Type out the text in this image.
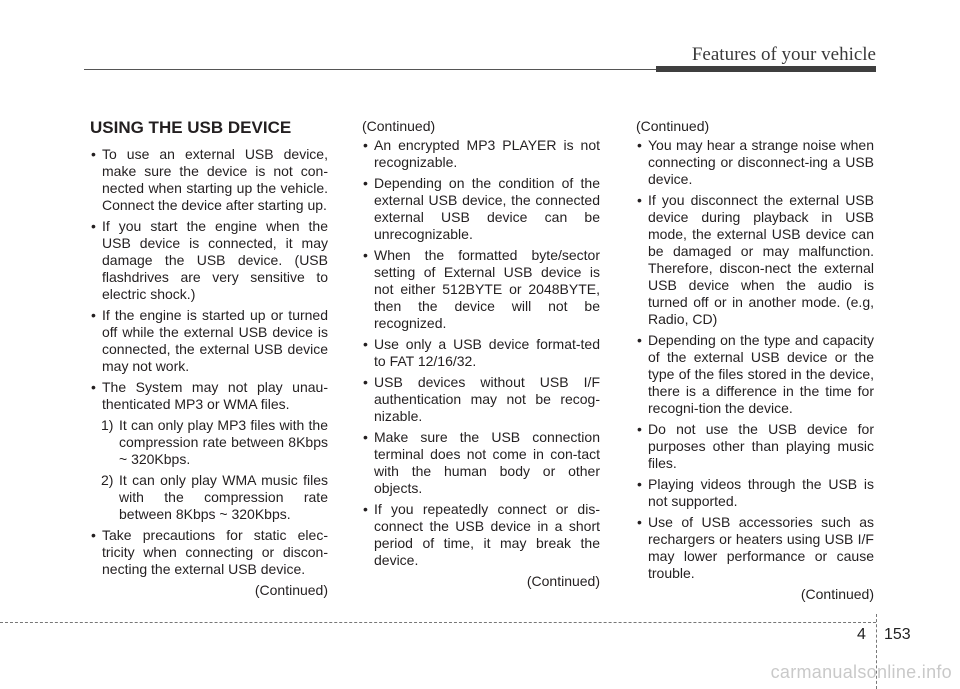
Features of your vehicle
USING THE USB DEVICE
• To use an external USB device, make sure the device is not con-nected when starting up the vehicle. Connect the device after starting up.
• If you start the engine when the USB device is connected, it may damage the USB device. (USB flashdrives are very sensitive to electric shock.)
• If the engine is started up or turned off while the external USB device is connected, the external USB device may not work.
• The System may not play unau-thenticated MP3 or WMA files.
1) It can only play MP3 files with the compression rate between 8Kbps ~ 320Kbps.
2) It can only play WMA music files with the compression rate between 8Kbps ~ 320Kbps.
• Take precautions for static elec-tricity when connecting or discon-necting the external USB device.
(Continued)
(Continued)
• An encrypted MP3 PLAYER is not recognizable.
• Depending on the condition of the external USB device, the connected external USB device can be unrecognizable.
• When the formatted byte/sector setting of External USB device is not either 512BYTE or 2048BYTE, then the device will not be recognized.
• Use only a USB device format-ted to FAT 12/16/32.
• USB devices without USB I/F authentication may not be recog-nizable.
• Make sure the USB connection terminal does not come in con-tact with the human body or other objects.
• If you repeatedly connect or dis-connect the USB device in a short period of time, it may break the device.
(Continued)
(Continued)
• You may hear a strange noise when connecting or disconnect-ing a USB device.
• If you disconnect the external USB device during playback in USB mode, the external USB device can be damaged or may malfunction. Therefore, discon-nect the external USB device when the audio is turned off or in another mode. (e.g, Radio, CD)
• Depending on the type and capacity of the external USB device or the type of the files stored in the device, there is a difference in the time for recogni-tion the device.
• Do not use the USB device for purposes other than playing music files.
• Playing videos through the USB is not supported.
• Use of USB accessories such as rechargers or heaters using USB I/F may lower performance or cause trouble.
(Continued)
4 153
carmanualsonline.info
